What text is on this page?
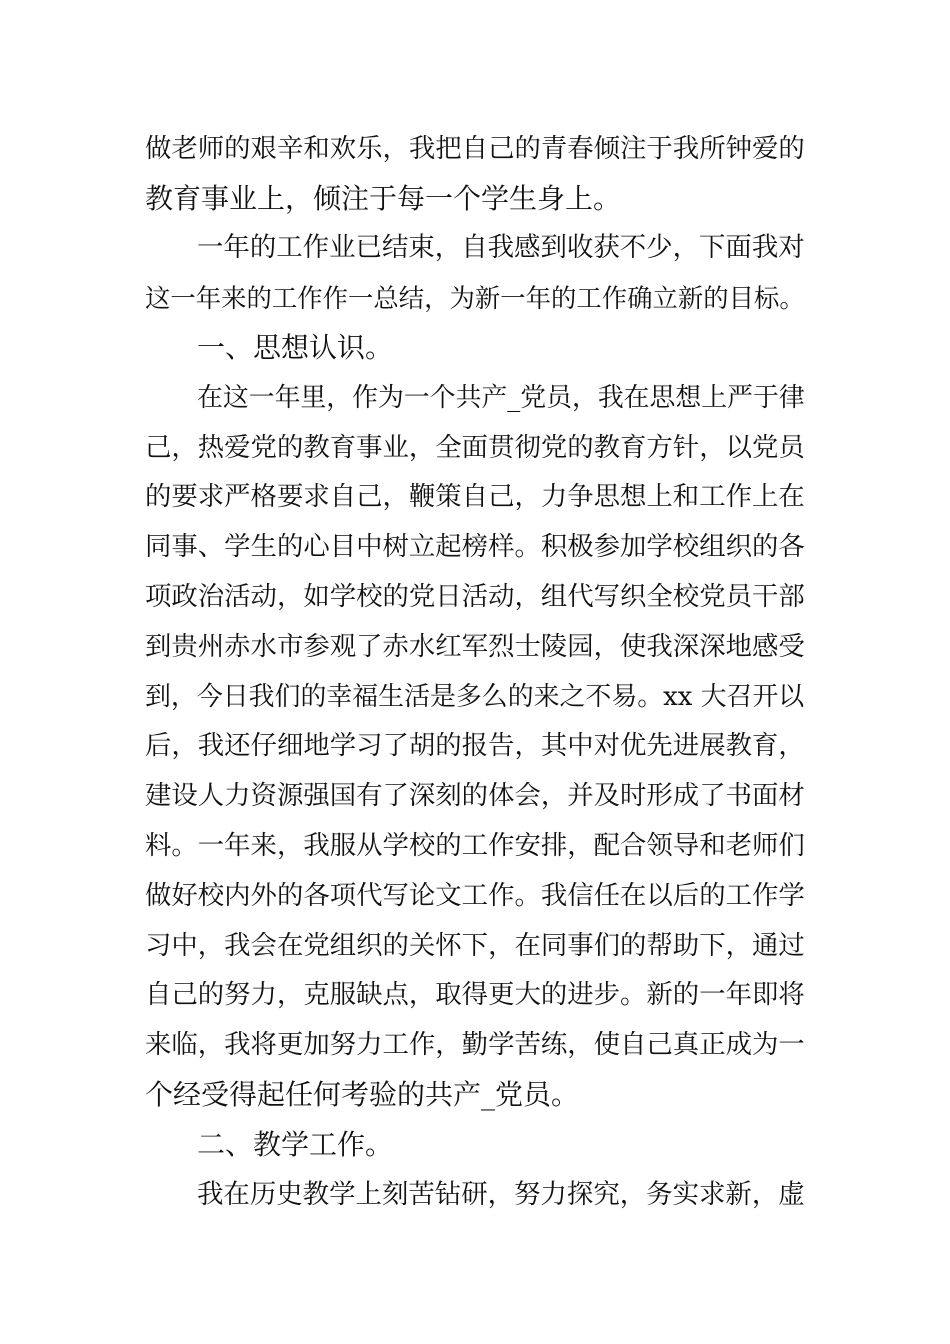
做老师的艰辛和欢乐，我把自己的青春倾注于我所钟爱的
教育事业上，倾注于每一个学生身上。
一年的工作业已结束，自我感到收获不少，下面我对
这一年来的工作作一总结，为新一年的工作确立新的目标。
一、思想认识。
在这一年里，作为一个共产_党员，我在思想上严于律
己，热爱党的教育事业，全面贯彻党的教育方针，以党员
的要求严格要求自己，鞭策自己，力争思想上和工作上在
同事、学生的心目中树立起榜样。积极参加学校组织的各
项政治活动，如学校的党日活动，组代写织全校党员干部
到贵州赤水市参观了赤水红军烈士陵园，使我深深地感受
到，今日我们的幸福生活是多么的来之不易。xx 大召开以
后，我还仔细地学习了胡的报告，其中对优先进展教育，
建设人力资源强国有了深刻的体会，并及时形成了书面材
料。一年来，我服从学校的工作安排，配合领导和老师们
做好校内外的各项代写论文工作。我信任在以后的工作学
习中，我会在党组织的关怀下，在同事们的帮助下，通过
自己的努力，克服缺点，取得更大的进步。新的一年即将
来临，我将更加努力工作，勤学苦练，使自己真正成为一
个经受得起任何考验的共产_党员。
二、教学工作。
我在历史教学上刻苦钻研，努力探究，务实求新，虚
